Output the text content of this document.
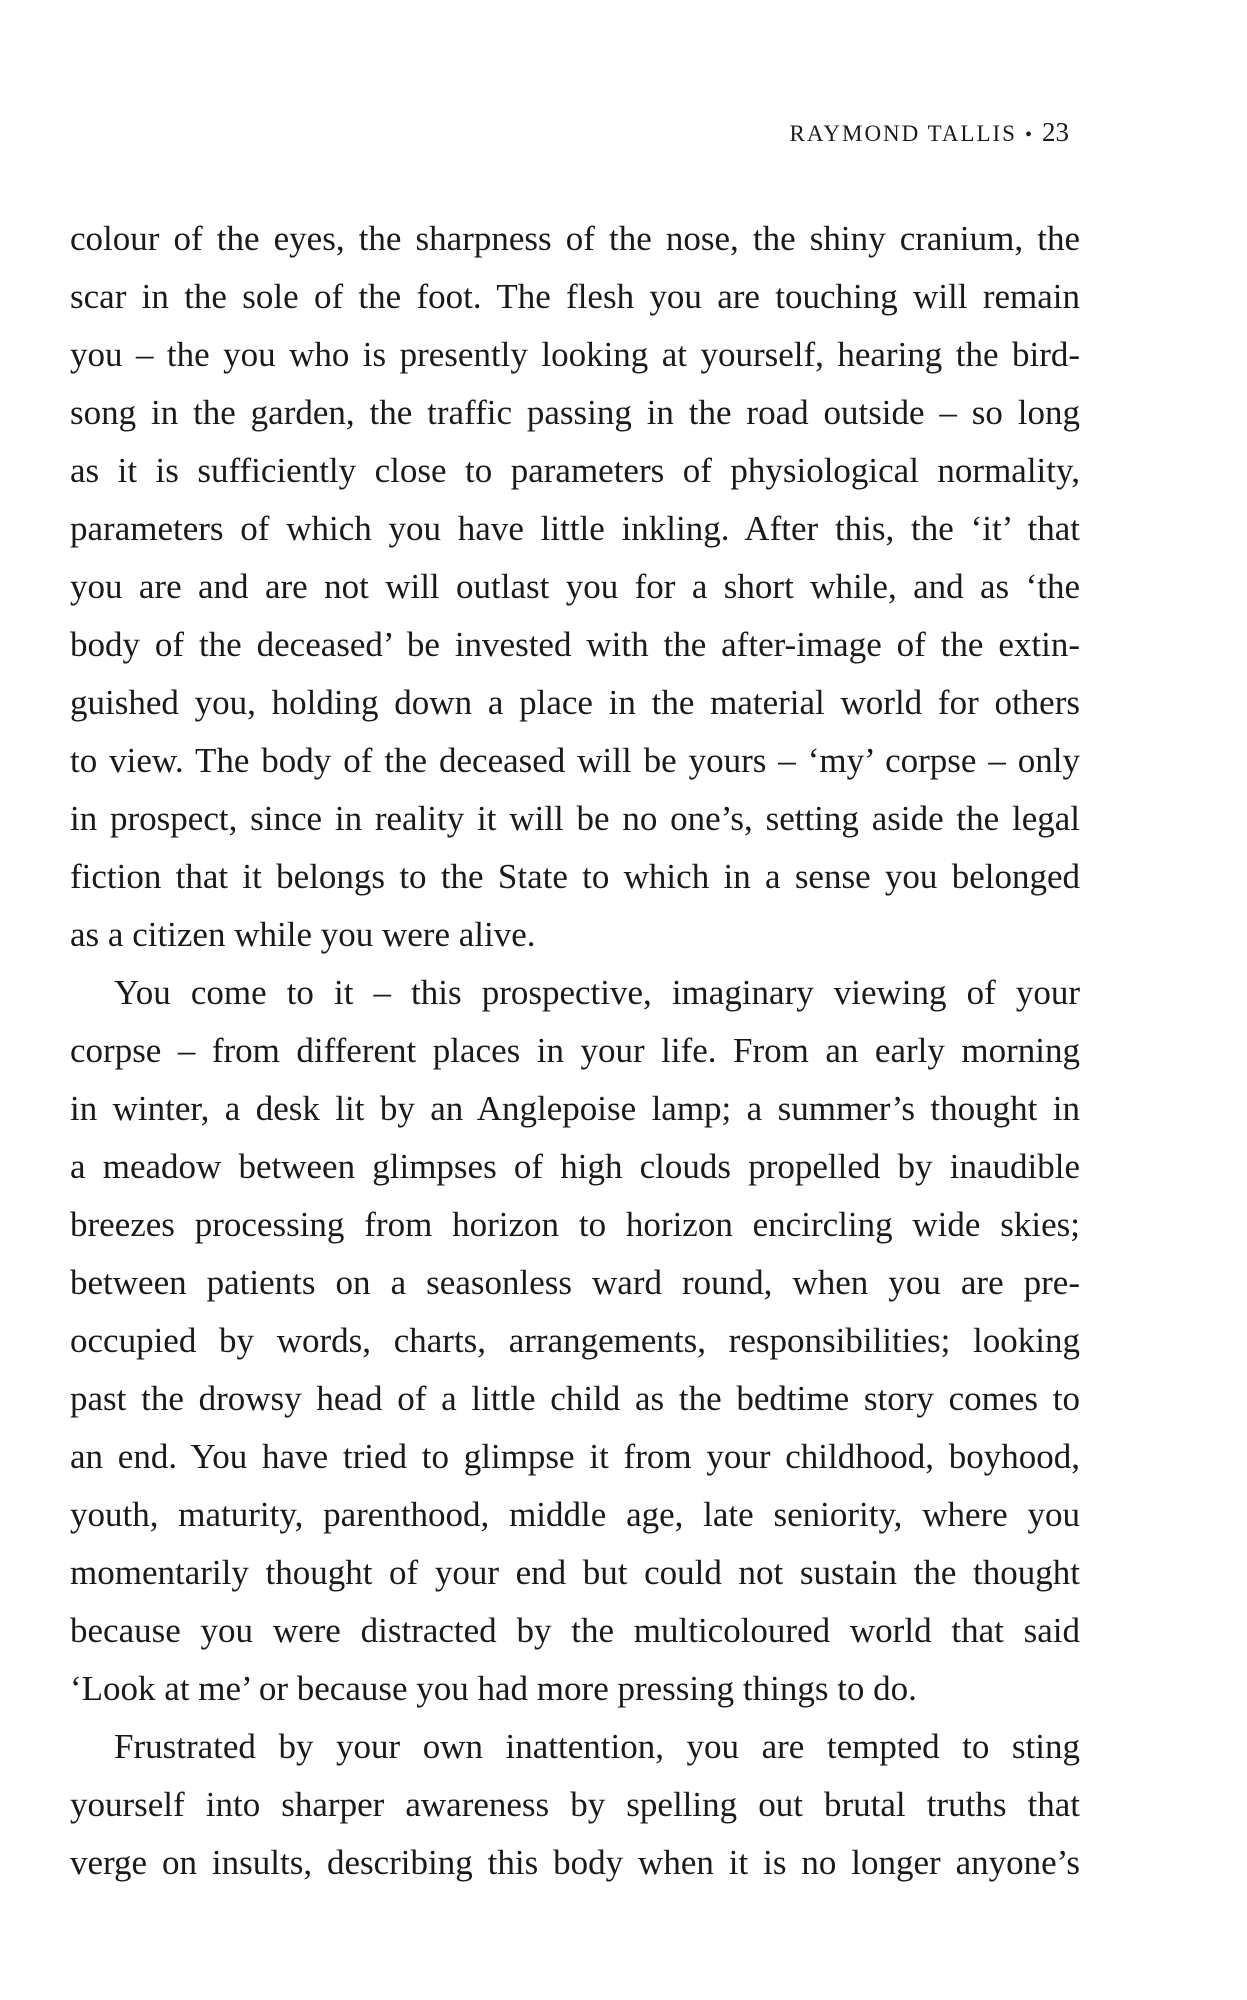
RAYMOND TALLIS • 23
colour of the eyes, the sharpness of the nose, the shiny cranium, the
scar in the sole of the foot. The flesh you are touching will remain
you – the you who is presently looking at yourself, hearing the bird-
song in the garden, the traffic passing in the road outside – so long
as it is sufficiently close to parameters of physiological normality,
parameters of which you have little inkling. After this, the ‘it’ that
you are and are not will outlast you for a short while, and as ‘the
body of the deceased’ be invested with the after-image of the extin-
guished you, holding down a place in the material world for others
to view. The body of the deceased will be yours – ‘my’ corpse – only
in prospect, since in reality it will be no one’s, setting aside the legal
fiction that it belongs to the State to which in a sense you belonged
as a citizen while you were alive.
You come to it – this prospective, imaginary viewing of your
corpse – from different places in your life. From an early morning
in winter, a desk lit by an Anglepoise lamp; a summer’s thought in
a meadow between glimpses of high clouds propelled by inaudible
breezes processing from horizon to horizon encircling wide skies;
between patients on a seasonless ward round, when you are pre-
occupied by words, charts, arrangements, responsibilities; looking
past the drowsy head of a little child as the bedtime story comes to
an end. You have tried to glimpse it from your childhood, boyhood,
youth, maturity, parenthood, middle age, late seniority, where you
momentarily thought of your end but could not sustain the thought
because you were distracted by the multicoloured world that said
‘Look at me’ or because you had more pressing things to do.
Frustrated by your own inattention, you are tempted to sting
yourself into sharper awareness by spelling out brutal truths that
verge on insults, describing this body when it is no longer anyone’s
